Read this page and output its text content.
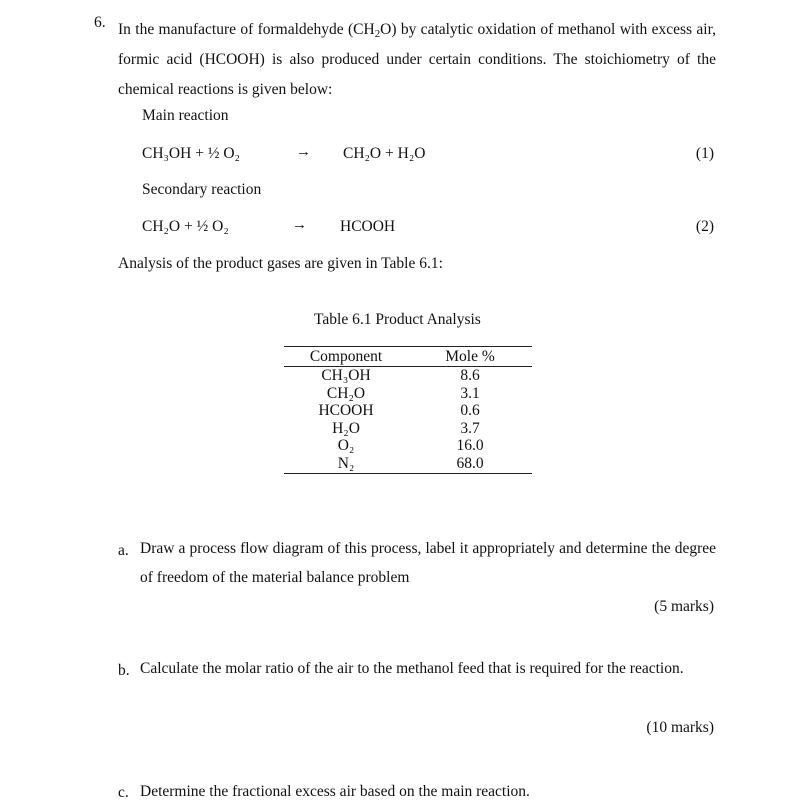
6. In the manufacture of formaldehyde $(CH_2O)$ by catalytic oxidation of methanol with excess air, formic acid (HCOOH) is also produced under certain conditions. The stoichiometry of the chemical reactions is given below:

Main reaction
CH₃OH + ½ O₂	→ CH₂O + H₂O	(1)
Secondary reaction
CH₂O + ½ O₂	→ HCOOH	(2)
Analysis of the product gases are given in Table 6.1:
Table 6.1 Product Analysis
Component	Mole %
CH₃OH	8.6
CH₂O	3.1
HCOOH	0.6
H₂O	3.7
O₂	16.0
N₂	68.0
a. Draw a process flow diagram of this process, label it appropriately and determine the degree of freedom of the material balance problem
(5 marks)
b. Calculate the molar ratio of the air to the methanol feed that is required for the reaction.
(10 marks)
c. Determine the fractional excess air based on the main reaction.
